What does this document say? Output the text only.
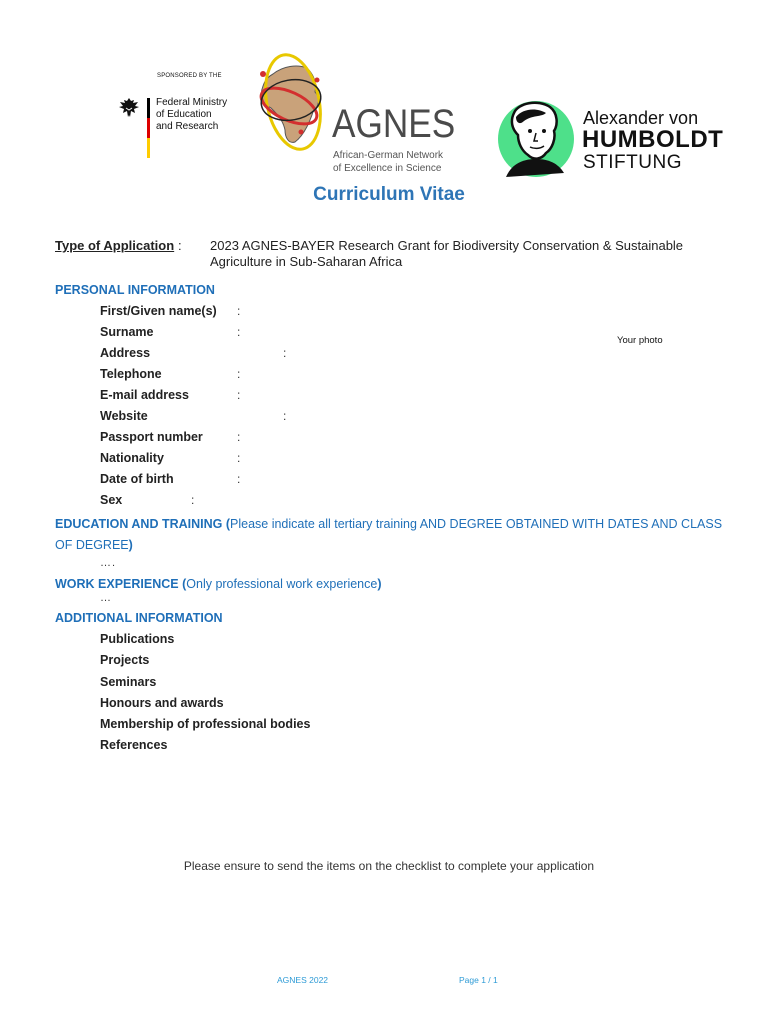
SPONSORED BY THE
Federal Ministry
of Education
and Research	AGNES
African-German Network
of Excellence in Science
Alexander von
HUMBOLDT
STIFTUNG
Curriculum Vitae
Type of Application : 2023 AGNES-BAYER Research Grant for Biodiversity Conservation & Sustainable Agriculture in Sub-Saharan Africa
PERSONAL INFORMATION
First/Given name(s) :
Surname	:
Address	:
Telephone	:
E-mail address	:
Website	:
Passport number	:
Nationality	:
Date of birth	:
Sex	:
Your photo
EDUCATION AND TRAINING (Please indicate all tertiary training AND DEGREE OBTAINED WITH DATES AND CLASS
OF DEGREE)
….
WORK EXPERIENCE (Only professional work experience)
…
ADDITIONAL INFORMATION
Publications
Projects
Seminars
Honours and awards
Membership of professional bodies
References
Please ensure to send the items on the checklist to complete your application
AGNES 2022	Page 1 / 1
